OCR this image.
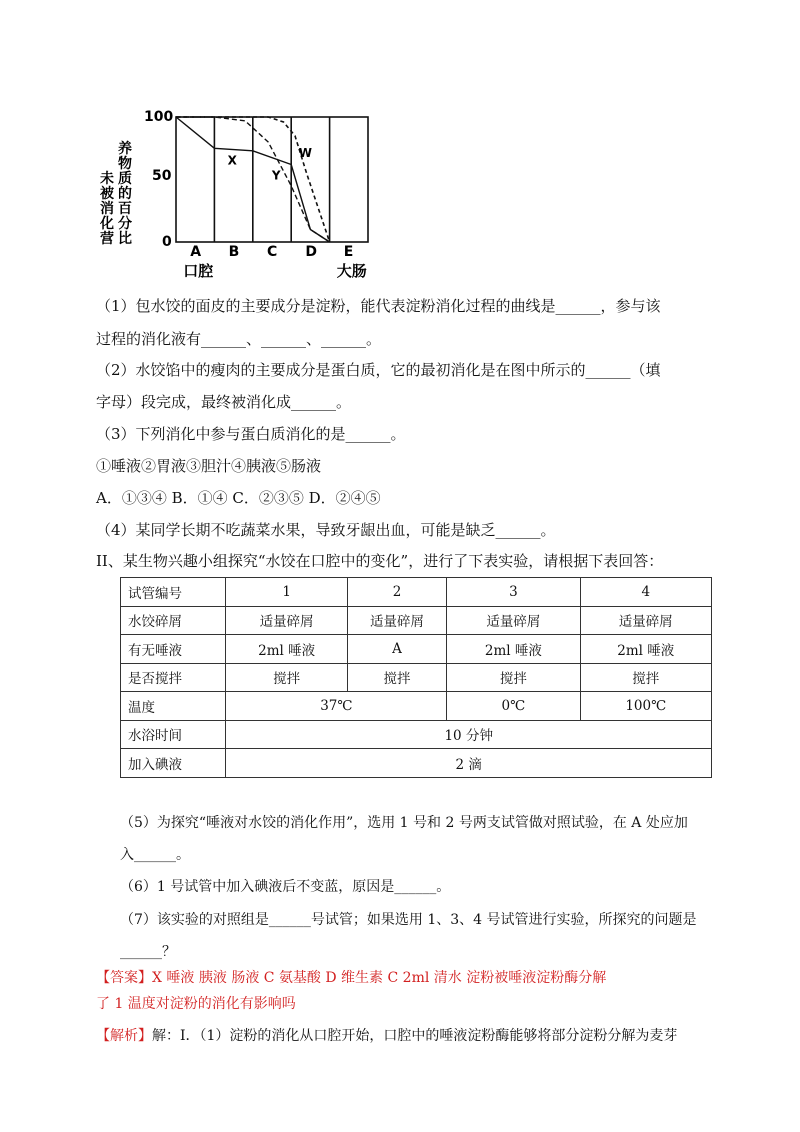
未
被
消
化
营
养
物
质
的
百
分
比
100
50
0
X
Y
W
A
口腔
B C D E
大肠
（1）包水饺的面皮的主要成分是淀粉，能代表淀粉消化过程的曲线是______，参与该
过程的消化液有______、______、______。
（2）水饺馅中的瘦肉的主要成分是蛋白质，它的最初消化是在图中所示的______（填
字母）段完成，最终被消化成______。
（3）下列消化中参与蛋白质消化的是______。
①唾液②胃液③胆汁④胰液⑤肠液
A．①③④ B．①④ C．②③⑤ D．②④⑤
（4）某同学长期不吃蔬菜水果，导致牙龈出血，可能是缺乏______。
II、某生物兴趣小组探究“水饺在口腔中的变化”，进行了下表实验，请根据下表回答：
试管编号	1	2	3	4
水饺碎屑	适量碎屑	适量碎屑	适量碎屑	适量碎屑
有无唾液	2ml 唾液	A	2ml 唾液	2ml 唾液
是否搅拌	搅拌	搅拌	搅拌	搅拌
温度	37℃		0℃	100℃
水浴时间	10 分钟			
加入碘液	2 滴			
（5）为探究“唾液对水饺的消化作用”，选用 1 号和 2 号两支试管做对照试验，在 A 处应加
入______。
（6）1 号试管中加入碘液后不变蓝，原因是______。
（7）该实验的对照组是______号试管；如果选用 1、3、4 号试管进行实验，所探究的问题是
______？
【答案】X 唾液 胰液 肠液 C 氨基酸 D 维生素 C 2ml 清水 淀粉被唾液淀粉酶分解
了 1 温度对淀粉的消化有影响吗
【解析】解：Ⅰ．（1）淀粉的消化从口腔开始，口腔中的唾液淀粉酶能够将部分淀粉分解为麦芽
